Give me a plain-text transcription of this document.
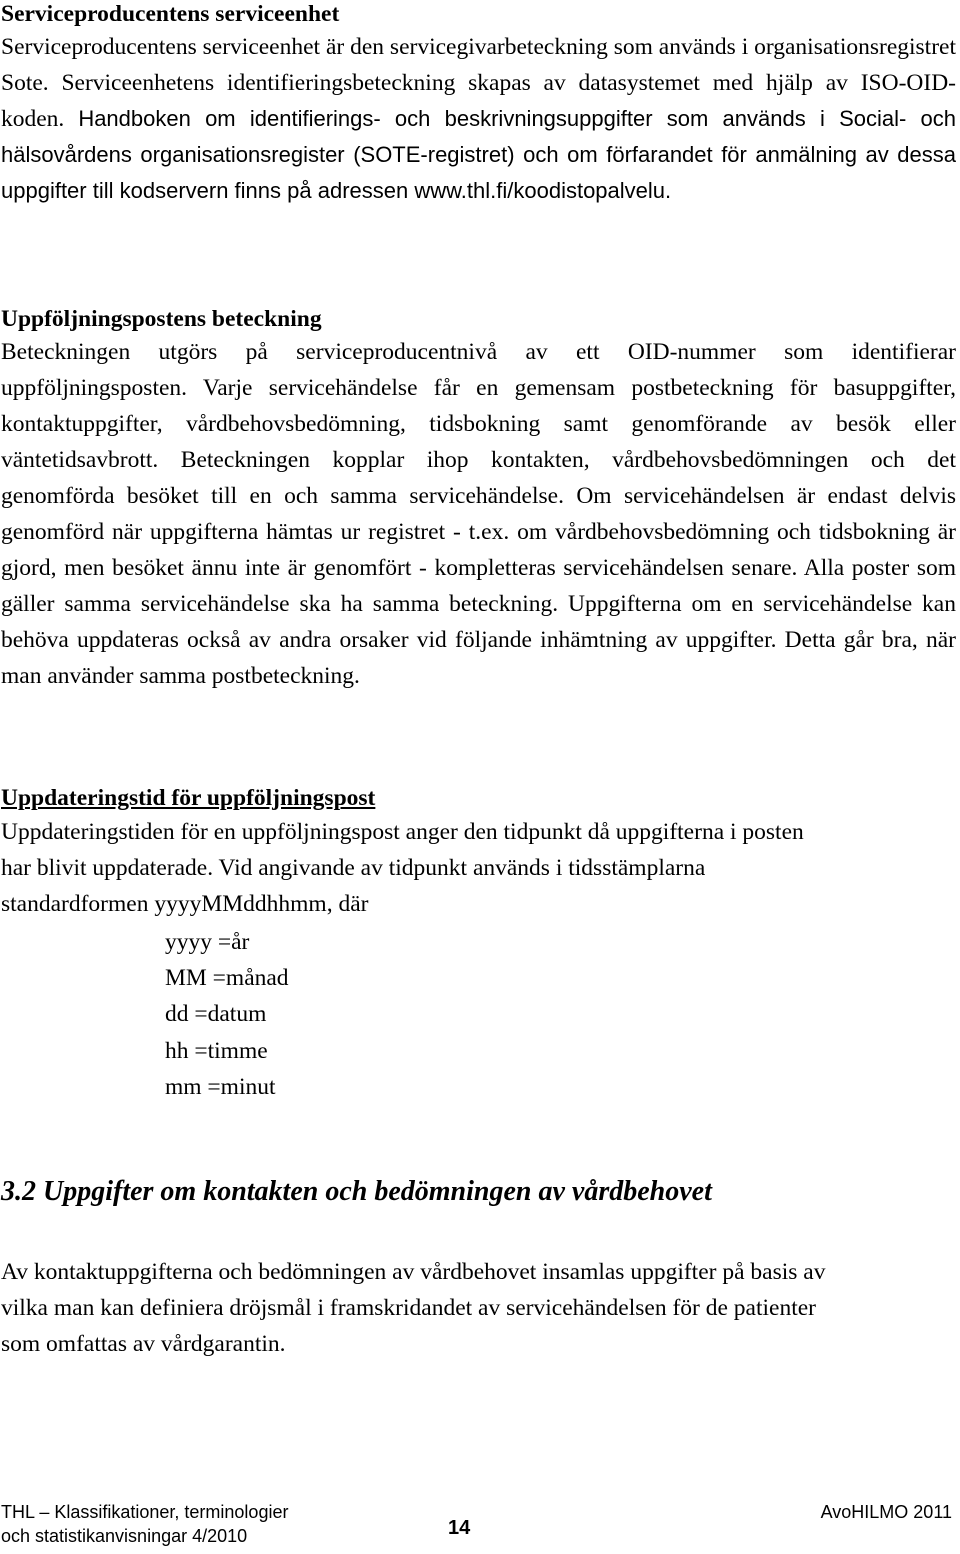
Serviceproducentens serviceenhet

Serviceproducentens serviceenhet är den servicegivarbeteckning som används i organisationsregistret Sote. Serviceenhetens identifieringsbeteckning skapas av datasystemet med hjälp av ISO-OID-koden. Handboken om identifierings- och beskrivningsuppgifter som används i Social- och hälsovårdens organisationsregister (SOTE-registret) och om förfarandet för anmälning av dessa uppgifter till kodservern finns på adressen www.thl.fi/koodistopalvelu.

Uppföljningspostens beteckning

Beteckningen utgörs på serviceproducentnivå av ett OID-nummer som identifierar uppföljningsposten. Varje servicehändelse får en gemensam postbeteckning för basuppgifter, kontaktuppgifter, vårdbehovsbedömning, tidsbokning samt genomförande av besök eller väntetidsavbrott. Beteckningen kopplar ihop kontakten, vårdbehovsbedömningen och det genomförda besöket till en och samma servicehändelse. Om servicehändelsen är endast delvis genomförd när uppgifterna hämtas ur registret - t.ex. om vårdbehovsbedömning och tidsbokning är gjord, men besöket ännu inte är genomfört - kompletteras servicehändelsen senare. Alla poster som gäller samma servicehändelse ska ha samma beteckning. Uppgifterna om en servicehändelse kan behöva uppdateras också av andra orsaker vid följande inhämtning av uppgifter. Detta går bra, när man använder samma postbeteckning.

Uppdateringstid för uppföljningspost

Uppdateringstiden för en uppföljningspost anger den tidpunkt då uppgifterna i posten

har blivit uppdaterade. Vid angivande av tidpunkt används i tidsstämplarna

standardformen yyyyMMddhhmm, där

yyyy =år
MM =månad
dd =datum
hh =timme
mm =minut

3.2 Uppgifter om kontakten och bedömningen av vårdbehovet

Av kontaktuppgifterna och bedömningen av vårdbehovet insamlas uppgifter på basis av

vilka man kan definiera dröjsmål i framskridandet av servicehändelsen för de patienter

som omfattas av vårdgarantin.

THL – Klassifikationer, terminologier
och statistikanvisningar 4/2010	14
AvoHILMO 2011
